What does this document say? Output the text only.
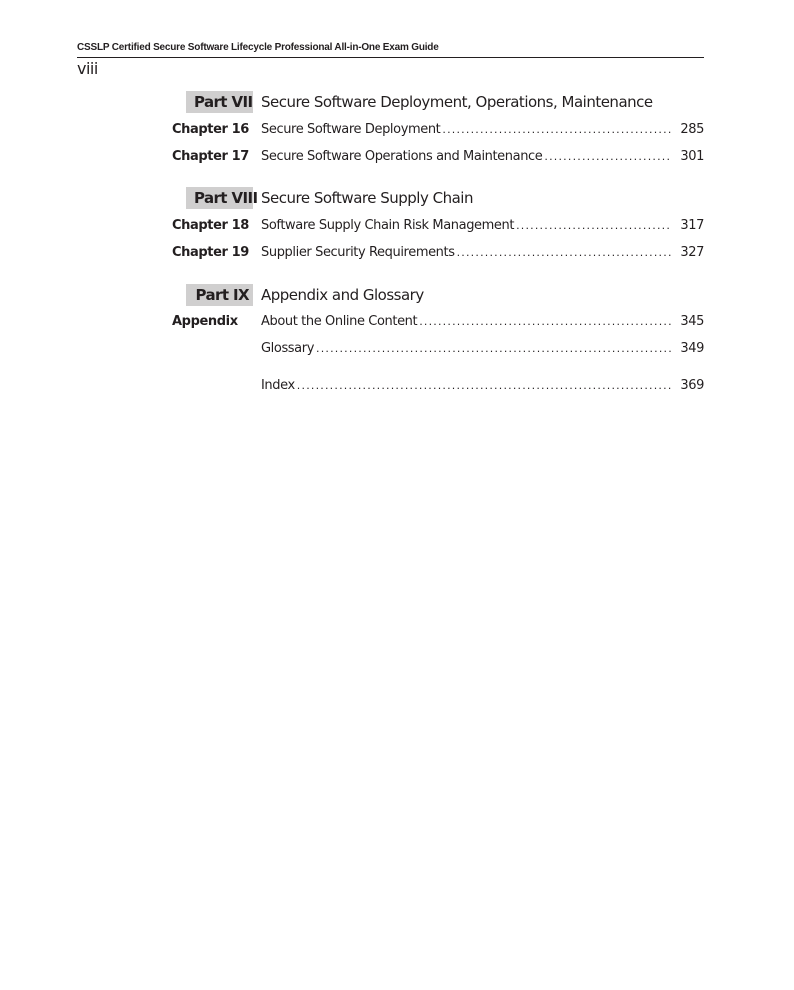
CSSLP Certified Secure Software Lifecycle Professional All-in-One Exam Guide
viii
Part VII Secure Software Deployment, Operations, Maintenance
Chapter 16 Secure Software Deployment .....	285
Chapter 17 Secure Software Operations and Maintenance .....	301
Part VIII Secure Software Supply Chain
Chapter 18 Software Supply Chain Risk Management .....	317
Chapter 19 Supplier Security Requirements .....	327
Part IX Appendix and Glossary
Appendix About the Online Content .....	345
Glossary .....	349
Index .....	369
